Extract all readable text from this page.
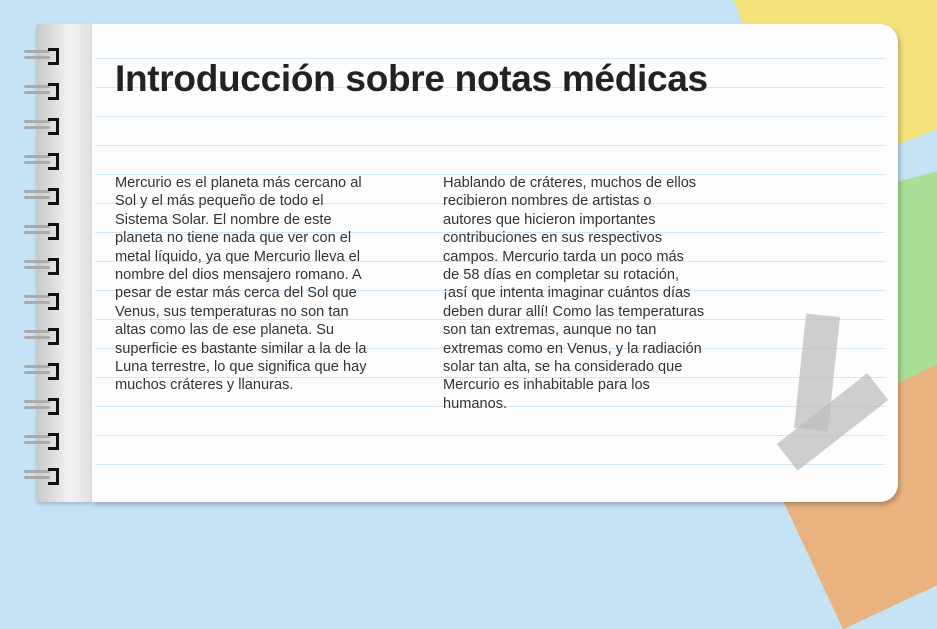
Introducción sobre notas médicas
Mercurio es el planeta más cercano al
Sol y el más pequeño de todo el
Sistema Solar. El nombre de este
planeta no tiene nada que ver con el
metal líquido, ya que Mercurio lleva el
nombre del dios mensajero romano. A
pesar de estar más cerca del Sol que
Venus, sus temperaturas no son tan
altas como las de ese planeta. Su
superficie es bastante similar a la de la
Luna terrestre, lo que significa que hay
muchos cráteres y llanuras.
Hablando de cráteres, muchos de ellos
recibieron nombres de artistas o
autores que hicieron importantes
contribuciones en sus respectivos
campos. Mercurio tarda un poco más
de 58 días en completar su rotación,
¡así que intenta imaginar cuántos días
deben durar allí! Como las temperaturas
son tan extremas, aunque no tan
extremas como en Venus, y la radiación
solar tan alta, se ha considerado que
Mercurio es inhabitable para los
humanos.
